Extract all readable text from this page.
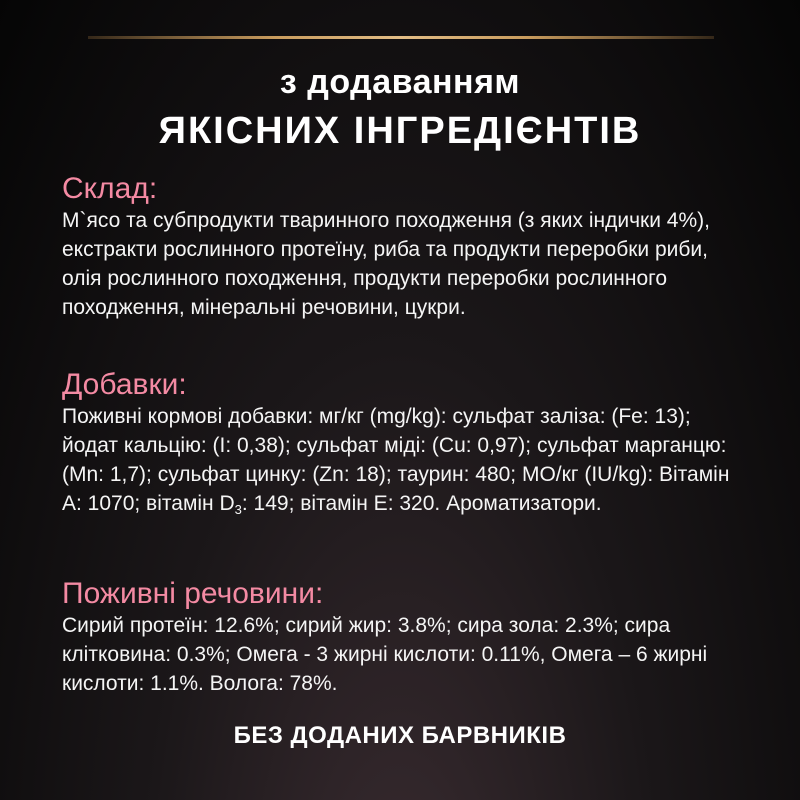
з додаванням
ЯКІСНИХ ІНГРЕДІЄНТІВ
Склад:
М`ясо та субпродукти тваринного походження (з яких індички 4%), екстракти рослинного протеїну, риба та продукти переробки риби, олія рослинного походження, продукти переробки рослинного походження, мінеральні речовини, цукри.
Добавки:
Поживні кормові добавки: мг/кг (mg/kg): сульфат заліза: (Fe: 13); йодат кальцію: (I: 0,38); сульфат міді: (Cu: 0,97); сульфат марганцю: (Mn: 1,7); сульфат цинку: (Zn: 18); таурин: 480; МО/кг (IU/kg): Вітамін A: 1070; вітамін $D_3$: 149; вітамін E: 320. Ароматизатори.
Поживні речовини:
Сирий протеїн: 12.6%; сирий жир: 3.8%; сира зола: 2.3%; сира клітковина: 0.3%; Омега - 3 жирні кислоти: 0.11%, Омега – 6 жирні кислоти: 1.1%. Волога: 78%.
БЕЗ ДОДАНИХ БАРВНИКІВ
